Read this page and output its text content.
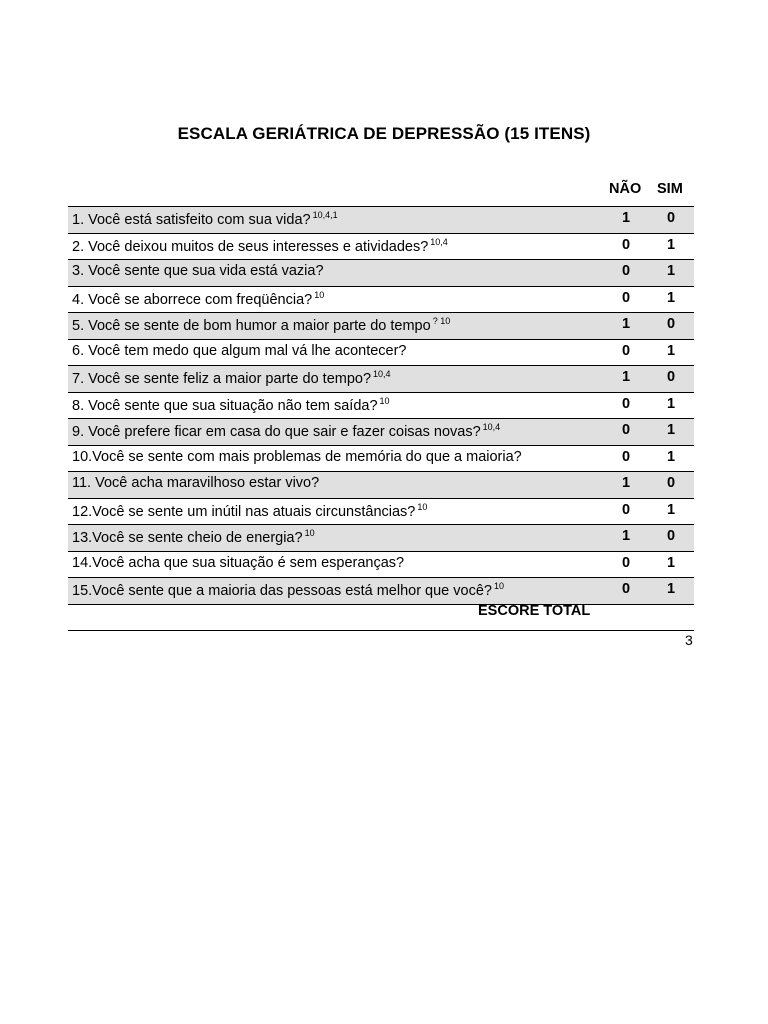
ESCALA GERIÁTRICA DE DEPRESSÃO (15 ITENS)
NÃO SIM
1. Você está satisfeito com sua vida? $^{10,4,1}$	1	0
2. Você deixou muitos de seus interesses e atividades? $^{10,4}$	0	1
3. Você sente que sua vida está vazia?	0	1
4. Você se aborrece com freqüência? $^{10}$	0	1
5. Você se sente de bom humor a maior parte do tempo $^{? 10}$	1	0
6. Você tem medo que algum mal vá lhe acontecer?	0	1
7. Você se sente feliz a maior parte do tempo? $^{10,4}$	1	0
8. Você sente que sua situação não tem saída? $^{10}$	0	1
9. Você prefere ficar em casa do que sair e fazer coisas novas? $^{10,4}$	0	1
10.Você se sente com mais problemas de memória do que a maioria?	0	1
11. Você acha maravilhoso estar vivo?	1	0
12.Você se sente um inútil nas atuais circunstâncias? $^{10}$	0	1
13.Você se sente cheio de energia? $^{10}$	1	0
14.Você acha que sua situação é sem esperanças?	0	1
15.Você sente que a maioria das pessoas está melhor que você? $^{10}$	0	1
ESCORE TOTAL
3
